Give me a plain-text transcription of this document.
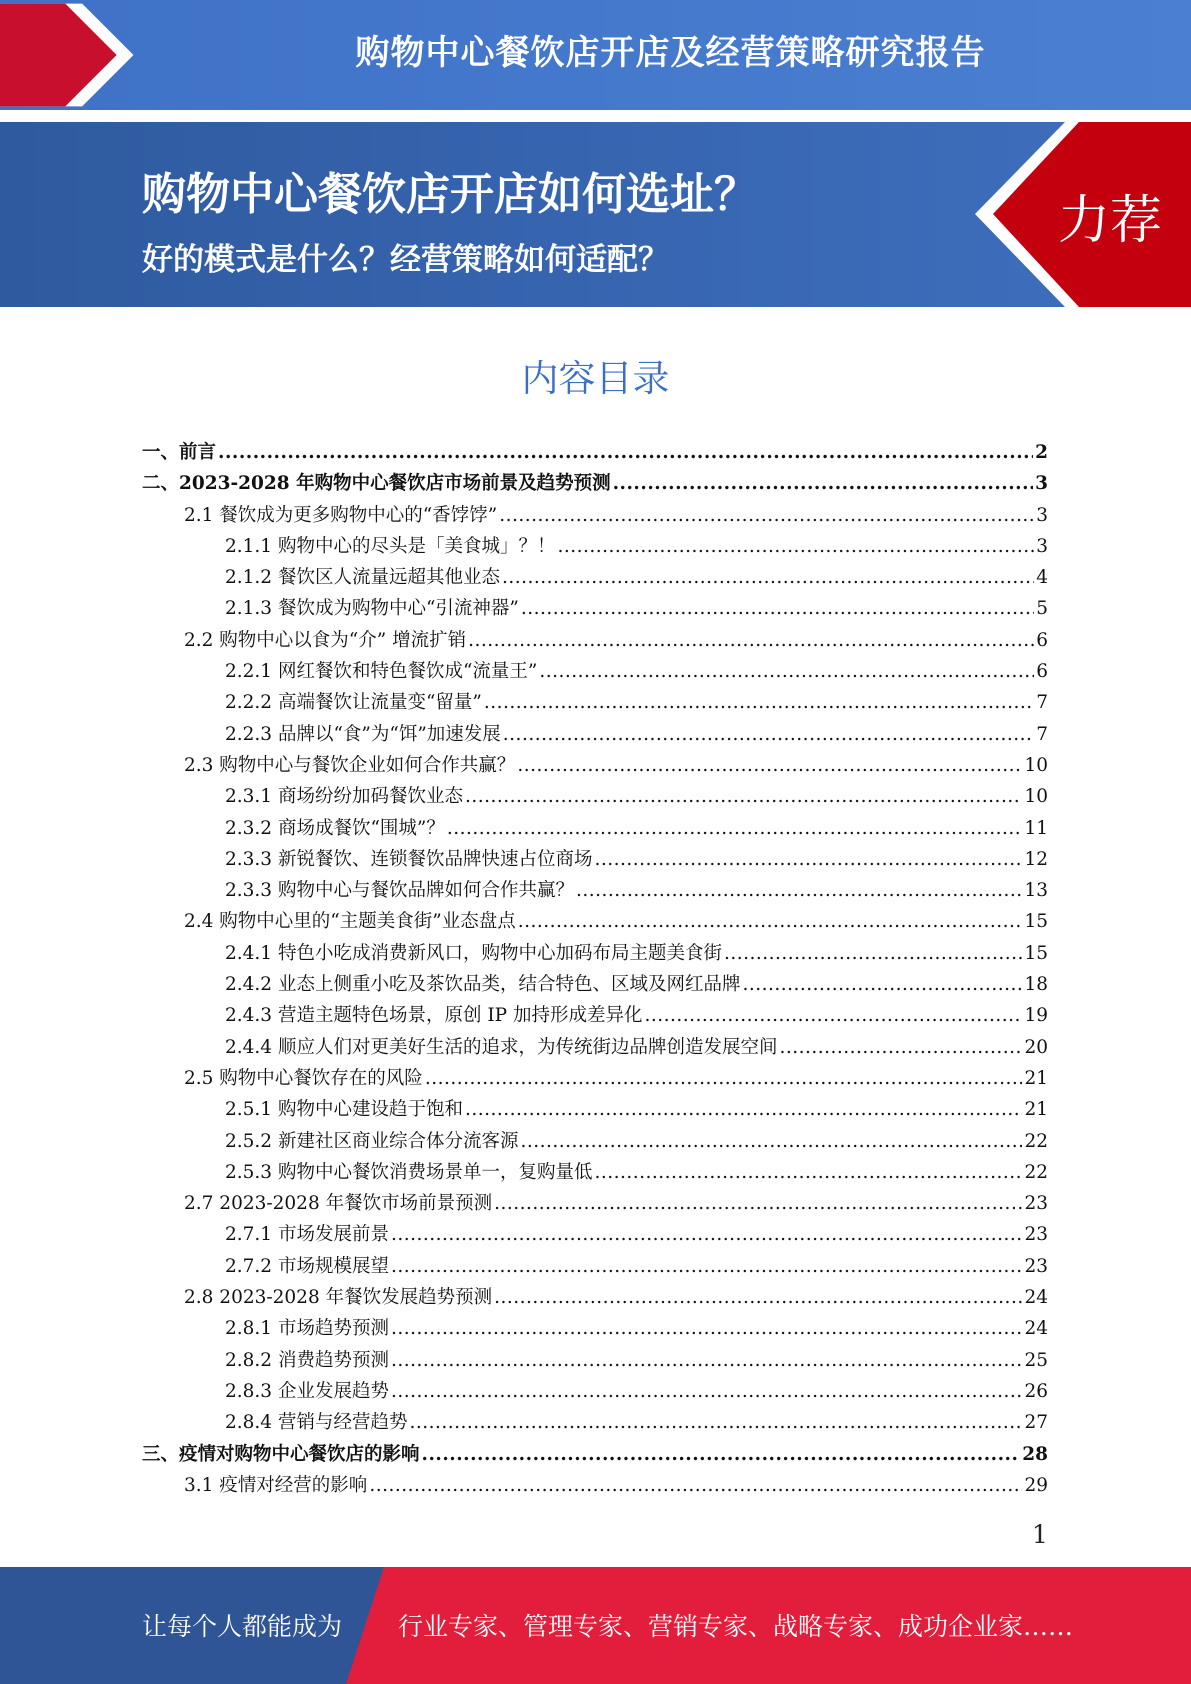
购物中心餐饮店开店及经营策略研究报告
购物中心餐饮店开店如何选址？
好的模式是什么？经营策略如何适配？
力荐
内容目录
一、前言 .....	2
二、2023-2028 年购物中心餐饮店市场前景及趋势预测 .....	3
2.1 餐饮成为更多购物中心的“香饽饽” .....	3
2.1.1 购物中心的尽头是「美食城」？！ .....	3
2.1.2 餐饮区人流量远超其他业态 .....	4
2.1.3 餐饮成为购物中心“引流神器” .....	5
2.2 购物中心以食为“介” 增流扩销 .....	6
2.2.1 网红餐饮和特色餐饮成“流量王” .....	6
2.2.2 高端餐饮让流量变“留量” .....	7
2.2.3 品牌以“食”为“饵”加速发展 .....	7
2.3 购物中心与餐饮企业如何合作共赢？ .....	10
2.3.1 商场纷纷加码餐饮业态 .....	10
2.3.2 商场成餐饮“围城”？ .....	11
2.3.3 新锐餐饮、连锁餐饮品牌快速占位商场 .....	12
2.3.3 购物中心与餐饮品牌如何合作共赢？ .....	13
2.4 购物中心里的“主题美食街”业态盘点 .....	15
2.4.1 特色小吃成消费新风口，购物中心加码布局主题美食街 .....	15
2.4.2 业态上侧重小吃及茶饮品类，结合特色、区域及网红品牌 .....	18
2.4.3 营造主题特色场景，原创 IP 加持形成差异化 .....	19
2.4.4 顺应人们对更美好生活的追求，为传统街边品牌创造发展空间 .....	20
2.5 购物中心餐饮存在的风险 .....	21
2.5.1 购物中心建设趋于饱和 .....	21
2.5.2 新建社区商业综合体分流客源 .....	22
2.5.3 购物中心餐饮消费场景单一，复购量低 .....	22
2.7 2023-2028 年餐饮市场前景预测 .....	23
2.7.1 市场发展前景 .....	23
2.7.2 市场规模展望 .....	23
2.8 2023-2028 年餐饮发展趋势预测 .....	24
2.8.1 市场趋势预测 .....	24
2.8.2 消费趋势预测 .....	25
2.8.3 企业发展趋势 .....	26
2.8.4 营销与经营趋势 .....	27
三、疫情对购物中心餐饮店的影响 .....	28
3.1 疫情对经营的影响 .....	29
1
让每个人都能成为 行业专家、管理专家、营销专家、战略专家、成功企业家……
